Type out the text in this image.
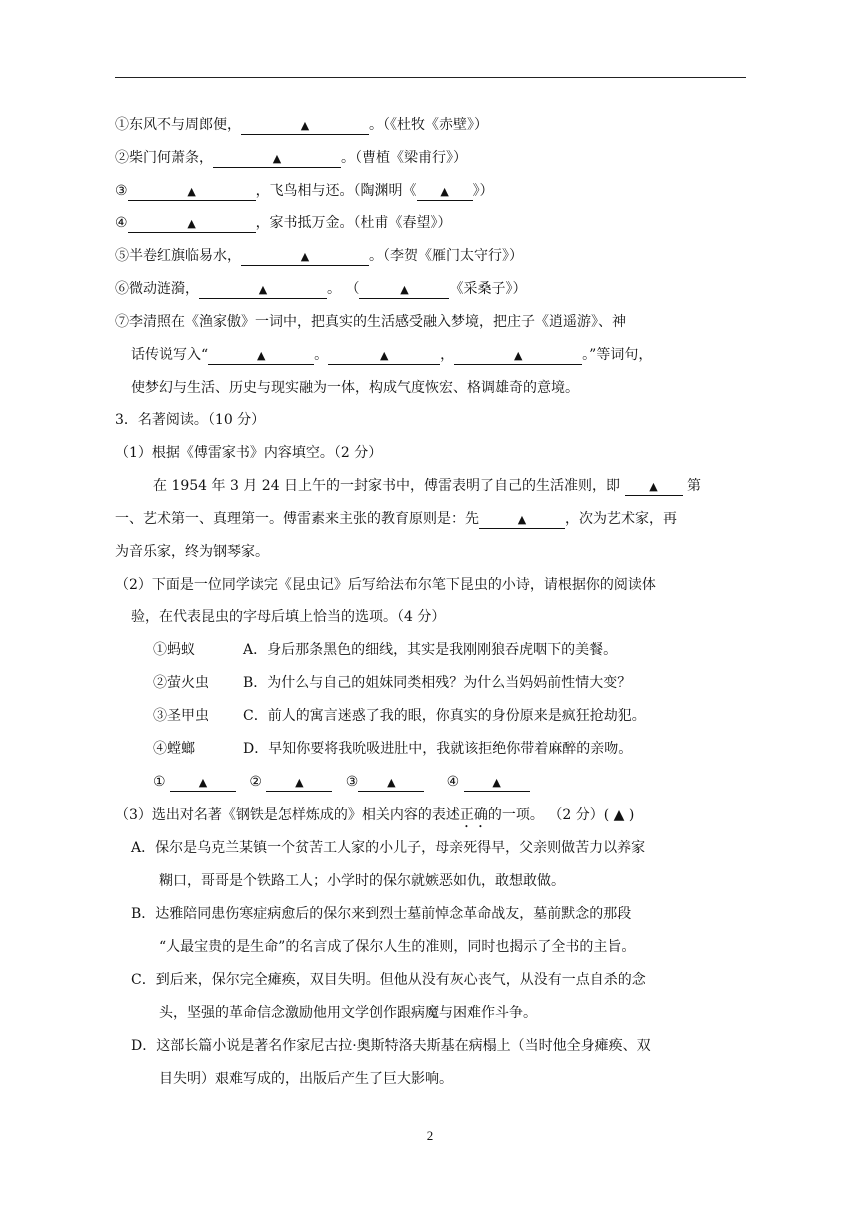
①东风不与周郎便，	▲	。（《杜牧《赤壁》）
②柴门何萧条，	▲	。（曹植《梁甫行》）
③	▲	，飞鸟相与还。（陶渊明《 ▲ 》）
④	▲	，家书抵万金。（杜甫《春望》）
⑤半卷红旗临易水，	▲	。（李贺《雁门太守行》）
⑥微动涟漪，	▲	。 （	▲	《采桑子》）
⑦李清照在《渔家傲》一词中，把真实的生活感受融入梦境，把庄子《逍遥游》、神
话传说写入“	▲	。	▲	，	▲	。”等词句，
使梦幻与生活、历史与现实融为一体，构成气度恢宏、格调雄奇的意境。
3．名著阅读。（10 分）
（1）根据《傅雷家书》内容填空。（2 分）
在 1954 年 3 月 24 日上午的一封家书中，傅雷表明了自己的生活准则，即	▲ 第
一、艺术第一、真理第一。傅雷素来主张的教育原则是：先	▲	，次为艺术家，再
为音乐家，终为钢琴家。
（2）下面是一位同学读完《昆虫记》后写给法布尔笔下昆虫的小诗，请根据你的阅读体
验，在代表昆虫的字母后填上恰当的选项。（4 分）
①蚂蚁	A．身后那条黑色的细线，其实是我刚刚狼吞虎咽下的美餐。
②萤火虫 B．为什么与自己的姐妹同类相残？为什么当妈妈前性情大变？
③圣甲虫 C．前人的寓言迷惑了我的眼，你真实的身份原来是疯狂抢劫犯。
④螳螂	D．早知你要将我吮吸进肚中，我就该拒绝你带着麻醉的亲吻。
①	▲	②	▲	③	▲	④	▲
（3）选出对名著《钢铁是怎样炼成的》相关内容的表述正确的一项。 （2 分）( ▲ )
A．保尔是乌克兰某镇一个贫苦工人家的小儿子，母亲死得早，父亲则做苦力以养家
糊口，哥哥是个铁路工人；小学时的保尔就嫉恶如仇，敢想敢做。
B．达雅陪同患伤寒症病愈后的保尔来到烈士墓前悼念革命战友，墓前默念的那段
“人最宝贵的是生命”的名言成了保尔人生的准则，同时也揭示了全书的主旨。
C．到后来，保尔完全瘫痪，双目失明。但他从没有灰心丧气，从没有一点自杀的念
头，坚强的革命信念激励他用文学创作跟病魔与困难作斗争。
D．这部长篇小说是著名作家尼古拉·奥斯特洛夫斯基在病榻上（当时他全身瘫痪、双
目失明）艰难写成的，出版后产生了巨大影响。
2
